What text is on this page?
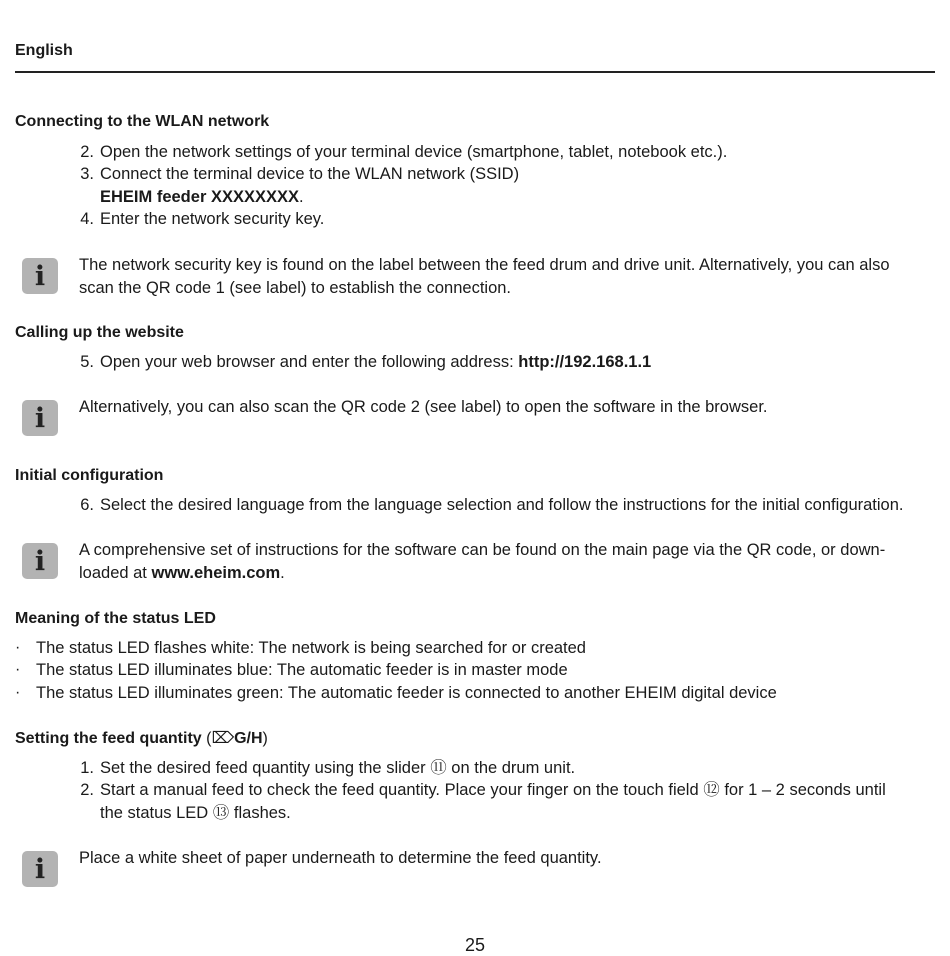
English
Connecting to the WLAN network
2. Open the network settings of your terminal device (smartphone, tablet, notebook etc.).
3. Connect the terminal device to the WLAN network (SSID)
EHEIM feeder XXXXXXXX.
4. Enter the network security key.
i	The network security key is found on the label between the feed drum and drive unit. Alternatively, you can also
scan the QR code 1 (see label) to establish the connection.
Calling up the website
5. Open your web browser and enter the following address: http://192.168.1.1
i	Alternatively, you can also scan the QR code 2 (see label) to open the software in the browser.
Initial configuration
6. Select the desired language from the language selection and follow the instructions for the initial configuration.
i	A comprehensive set of instructions for the software can be found on the main page via the QR code, or down-
loaded at www.eheim.com.
Meaning of the status LED
· The status LED flashes white: The network is being searched for or created
· The status LED illuminates blue: The automatic feeder is in master mode
· The status LED illuminates green: The automatic feeder is connected to another EHEIM digital device
Setting the feed quantity (⌦G/H)
1. Set the desired feed quantity using the slider ⑪ on the drum unit.
2. Start a manual feed to check the feed quantity. Place your finger on the touch field ⑫ for 1 – 2 seconds until
the status LED ⑬ flashes.
i	Place a white sheet of paper underneath to determine the feed quantity.
25
